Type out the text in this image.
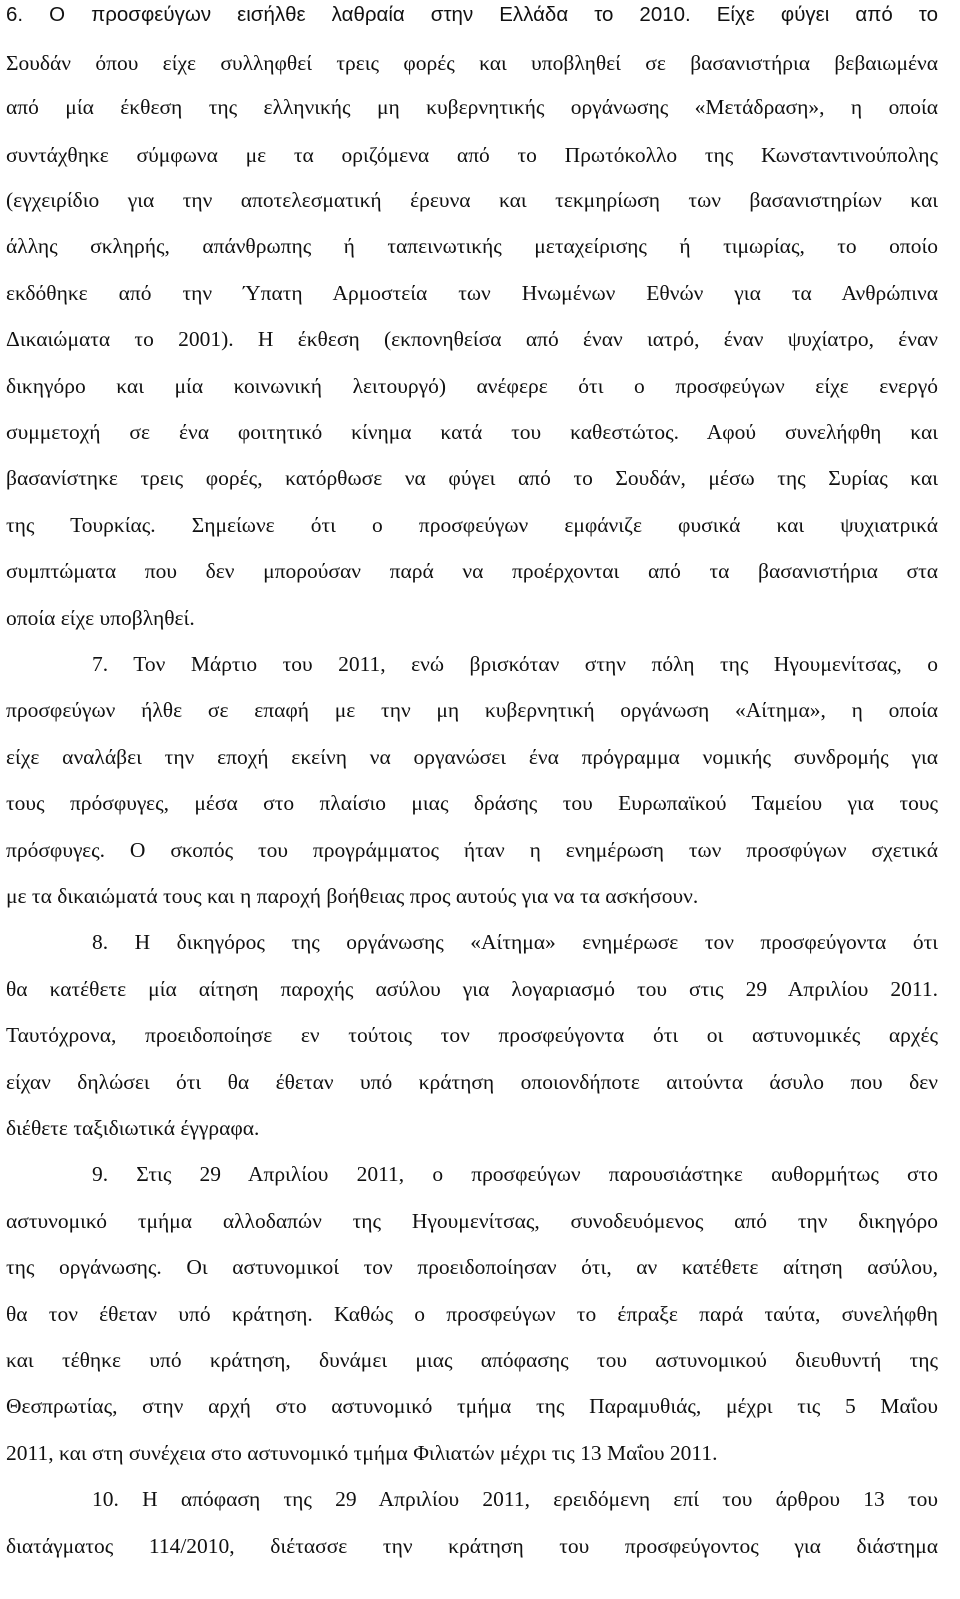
6. Ο προσφεύγων εισήλθε λαθραία στην Ελλάδα το 2010. Είχε φύγει από το
Σουδάν όπου είχε συλληφθεί τρεις φορές και υποβληθεί σε βασανιστήρια βεβαιωμένα
από μία έκθεση της ελληνικής μη κυβερνητικής οργάνωσης «Μετάδραση», η οποία
συντάχθηκε σύμφωνα με τα οριζόμενα από το Πρωτόκολλο της Κωνσταντινούπολης
(εγχειρίδιο για την αποτελεσματική έρευνα και τεκμηρίωση των βασανιστηρίων και
άλλης σκληρής, απάνθρωπης ή ταπεινωτικής μεταχείρισης ή τιμωρίας, το οποίο
εκδόθηκε από την Ύπατη Αρμοστεία των Ηνωμένων Εθνών για τα Ανθρώπινα
Δικαιώματα το 2001). Η έκθεση (εκπονηθείσα από έναν ιατρό, έναν ψυχίατρο, έναν
δικηγόρο και μία κοινωνική λειτουργό) ανέφερε ότι ο προσφεύγων είχε ενεργό
συμμετοχή σε ένα φοιτητικό κίνημα κατά του καθεστώτος. Αφού συνελήφθη και
βασανίστηκε τρεις φορές, κατόρθωσε να φύγει από το Σουδάν, μέσω της Συρίας και
της Τουρκίας. Σημείωνε ότι ο προσφεύγων εμφάνιζε φυσικά και ψυχιατρικά
συμπτώματα που δεν μπορούσαν παρά να προέρχονται από τα βασανιστήρια στα
οποία είχε υποβληθεί.
7. Τον Μάρτιο του 2011, ενώ βρισκόταν στην πόλη της Ηγουμενίτσας, ο
προσφεύγων ήλθε σε επαφή με την μη κυβερνητική οργάνωση «Αίτημα», η οποία
είχε αναλάβει την εποχή εκείνη να οργανώσει ένα πρόγραμμα νομικής συνδρομής για
τους πρόσφυγες, μέσα στο πλαίσιο μιας δράσης του Ευρωπαϊκού Ταμείου για τους
πρόσφυγες. Ο σκοπός του προγράμματος ήταν η ενημέρωση των προσφύγων σχετικά
με τα δικαιώματά τους και η παροχή βοήθειας προς αυτούς για να τα ασκήσουν.
8. Η δικηγόρος της οργάνωσης «Αίτημα» ενημέρωσε τον προσφεύγοντα ότι
θα κατέθετε μία αίτηση παροχής ασύλου για λογαριασμό του στις 29 Απριλίου 2011.
Ταυτόχρονα, προειδοποίησε εν τούτοις τον προσφεύγοντα ότι οι αστυνομικές αρχές
είχαν δηλώσει ότι θα έθεταν υπό κράτηση οποιονδήποτε αιτούντα άσυλο που δεν
διέθετε ταξιδιωτικά έγγραφα.
9. Στις 29 Απριλίου 2011, ο προσφεύγων παρουσιάστηκε αυθορμήτως στο
αστυνομικό τμήμα αλλοδαπών της Ηγουμενίτσας, συνοδευόμενος από την δικηγόρο
της οργάνωσης. Οι αστυνομικοί τον προειδοποίησαν ότι, αν κατέθετε αίτηση ασύλου,
θα τον έθεταν υπό κράτηση. Καθώς ο προσφεύγων το έπραξε παρά ταύτα, συνελήφθη
και τέθηκε υπό κράτηση, δυνάμει μιας απόφασης του αστυνομικού διευθυντή της
Θεσπρωτίας, στην αρχή στο αστυνομικό τμήμα της Παραμυθιάς, μέχρι τις 5 Μαΐου
2011, και στη συνέχεια στο αστυνομικό τμήμα Φιλιατών μέχρι τις 13 Μαΐου 2011.
10. Η απόφαση της 29 Απριλίου 2011, ερειδόμενη επί του άρθρου 13 του
διατάγματος 114/2010, διέτασσε την κράτηση του προσφεύγοντος για διάστημα
